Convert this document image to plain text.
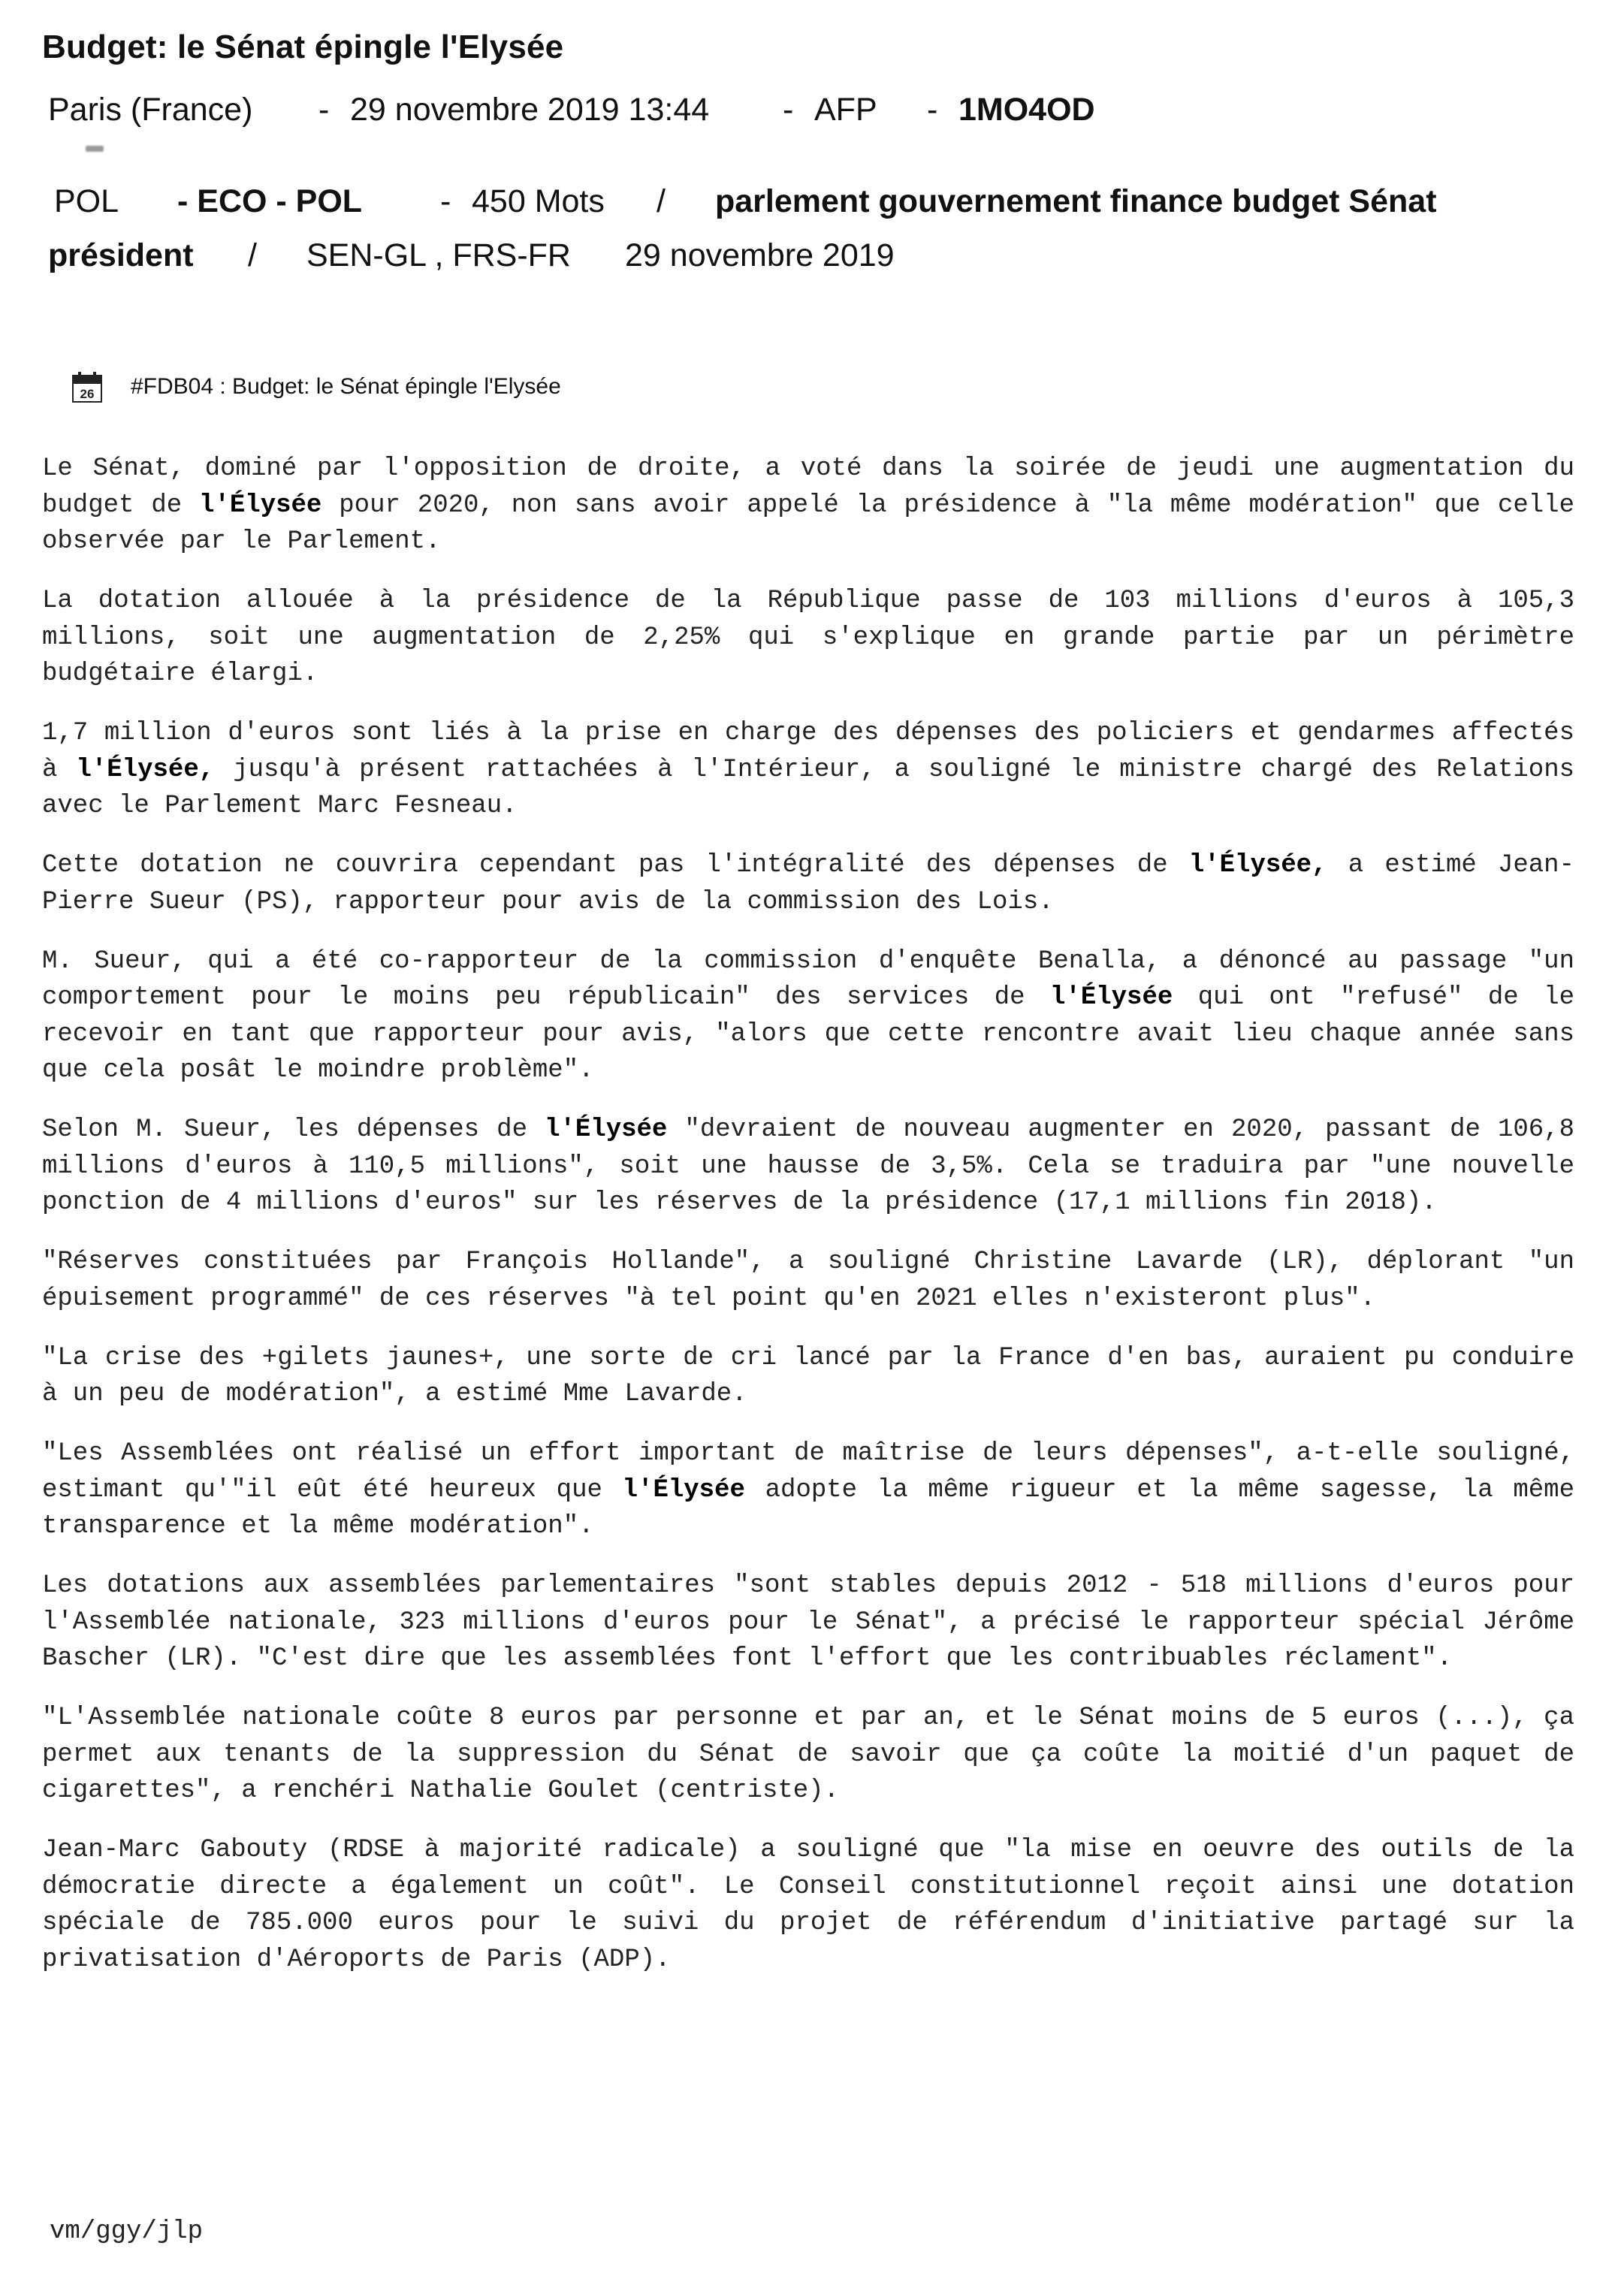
Budget: le Sénat épingle l'Elysée
Paris (France) - 29 novembre 2019 13:44 - AFP - 1MO4OD
POL - ECO - POL - 450 Mots / parlement gouvernement finance budget Sénat
président / SEN-GL , FRS-FR 29 novembre 2019
26 #FDB04 : Budget: le Sénat épingle l'Elysée

Le Sénat, dominé par l'opposition de droite, a voté dans la soirée de jeudi une augmentation du budget de l'Élysée pour 2020, non sans avoir appelé la présidence à "la même modération" que celle observée par le Parlement.

La dotation allouée à la présidence de la République passe de 103 millions d'euros à 105,3 millions, soit une augmentation de 2,25% qui s'explique en grande partie par un périmètre budgétaire élargi.

1,7 million d'euros sont liés à la prise en charge des dépenses des policiers et gendarmes affectés à l'Élysée, jusqu'à présent rattachées à l'Intérieur, a souligné le ministre chargé des Relations avec le Parlement Marc Fesneau.

Cette dotation ne couvrira cependant pas l'intégralité des dépenses de l'Élysée, a estimé Jean-Pierre Sueur (PS), rapporteur pour avis de la commission des Lois.

M. Sueur, qui a été co-rapporteur de la commission d'enquête Benalla, a dénoncé au passage "un comportement pour le moins peu républicain" des services de l'Élysée qui ont "refusé" de le recevoir en tant que rapporteur pour avis, "alors que cette rencontre avait lieu chaque année sans que cela posât le moindre problème".

Selon M. Sueur, les dépenses de l'Élysée "devraient de nouveau augmenter en 2020, passant de 106,8 millions d'euros à 110,5 millions", soit une hausse de 3,5%. Cela se traduira par "une nouvelle ponction de 4 millions d'euros" sur les réserves de la présidence (17,1 millions fin 2018).

"Réserves constituées par François Hollande", a souligné Christine Lavarde (LR), déplorant "un épuisement programmé" de ces réserves "à tel point qu'en 2021 elles n'existeront plus".

"La crise des +gilets jaunes+, une sorte de cri lancé par la France d'en bas, auraient pu conduire à un peu de modération", a estimé Mme Lavarde.

"Les Assemblées ont réalisé un effort important de maîtrise de leurs dépenses", a-t-elle souligné, estimant qu'"il eût été heureux que l'Élysée adopte la même rigueur et la même sagesse, la même transparence et la même modération".

Les dotations aux assemblées parlementaires "sont stables depuis 2012 - 518 millions d'euros pour l'Assemblée nationale, 323 millions d'euros pour le Sénat", a précisé le rapporteur spécial Jérôme Bascher (LR). "C'est dire que les assemblées font l'effort que les contribuables réclament".

"L'Assemblée nationale coûte 8 euros par personne et par an, et le Sénat moins de 5 euros (...), ça permet aux tenants de la suppression du Sénat de savoir que ça coûte la moitié d'un paquet de cigarettes", a renchéri Nathalie Goulet (centriste).

Jean-Marc Gabouty (RDSE à majorité radicale) a souligné que "la mise en oeuvre des outils de la démocratie directe a également un coût". Le Conseil constitutionnel reçoit ainsi une dotation spéciale de 785.000 euros pour le suivi du projet de référendum d'initiative partagé sur la privatisation d'Aéroports de Paris (ADP).

vm/ggy/jlp
